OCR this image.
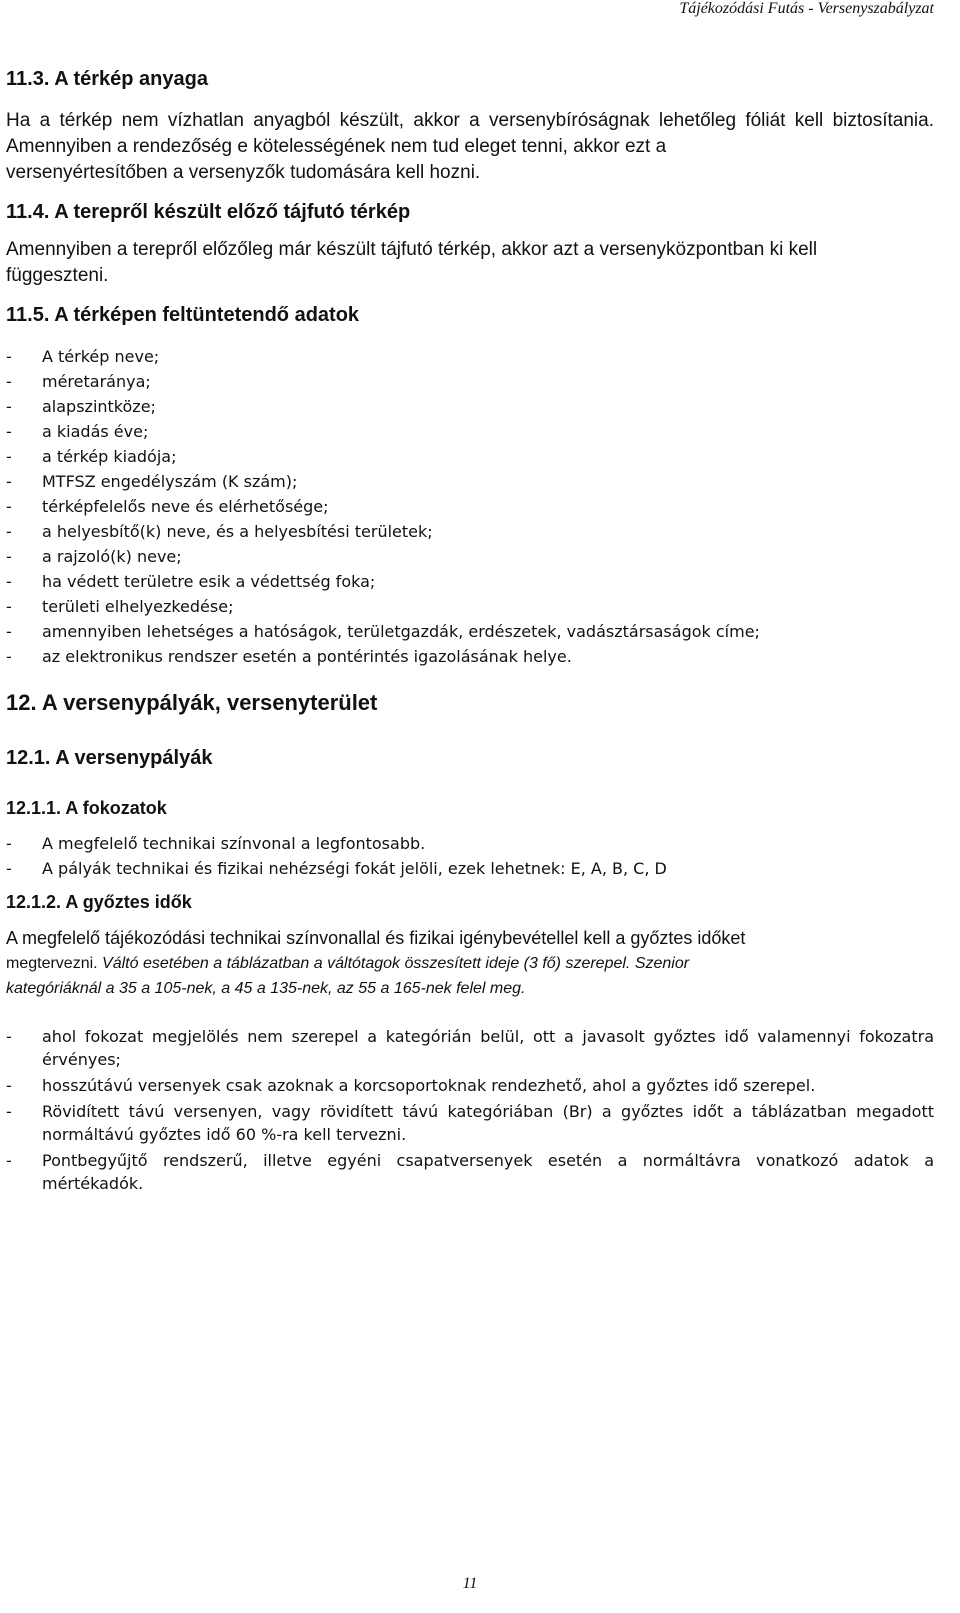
Tájékozódási Futás - Versenyszabályzat
11.3. A térkép anyaga
Ha a térkép nem vízhatlan anyagból készült, akkor a versenybíróságnak lehetőleg fóliát kell biztosítania. Amennyiben a rendezőség e kötelességének nem tud eleget tenni, akkor ezt a
versenyértesítőben a versenyzők tudomására kell hozni.
11.4. A terepről készült előző tájfutó térkép
Amennyiben a terepről előzőleg már készült tájfutó térkép, akkor azt a versenyközpontban ki kell
függeszteni.
11.5. A térképen feltüntetendő adatok
- A térkép neve;
- méretaránya;
- alapszintköze;
- a kiadás éve;
- a térkép kiadója;
- MTFSZ engedélyszám (K szám);
- térképfelelős neve és elérhetősége;
- a helyesbítő(k) neve, és a helyesbítési területek;
- a rajzoló(k) neve;
- ha védett területre esik a védettség foka;
- területi elhelyezkedése;
- amennyiben lehetséges a hatóságok, területgazdák, erdészetek, vadásztársaságok címe;
- az elektronikus rendszer esetén a pontérintés igazolásának helye.
12. A versenypályák, versenyterület
12.1. A versenypályák
12.1.1. A fokozatok
- A megfelelő technikai színvonal a legfontosabb.
- A pályák technikai és fizikai nehézségi fokát jelöli, ezek lehetnek: E, A, B, C, D
12.1.2. A győztes idők
A megfelelő tájékozódási technikai színvonallal és fizikai igénybevétellel kell a győztes időket
megtervezni. Váltó esetében a táblázatban a váltótagok összesített ideje (3 fő) szerepel. Szenior
kategóriáknál a 35 a 105-nek, a 45 a 135-nek, az 55 a 165-nek felel meg.
- ahol fokozat megjelölés nem szerepel a kategórián belül, ott a javasolt győztes idő valamennyi fokozatra érvényes;
- hosszútávú versenyek csak azoknak a korcsoportoknak rendezhető, ahol a győztes idő szerepel.
- Rövidített távú versenyen, vagy rövidített távú kategóriában (Br) a győztes időt a táblázatban megadott normáltávú győztes idő 60 %-ra kell tervezni.
- Pontbegyűjtő rendszerű, illetve egyéni csapatversenyek esetén a normáltávra vonatkozó adatok a mértékadók.
11
